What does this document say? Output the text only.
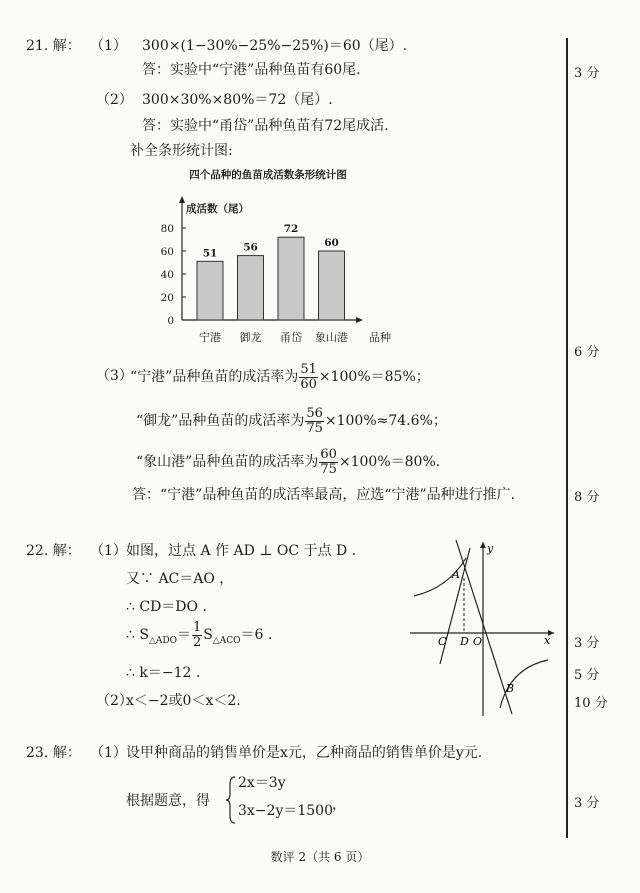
21. 解： （1） 300×(1−30%−25%−25%)＝60（尾）.
答：实验中“宁港”品种鱼苗有60尾.
（2） 300×30%×80%＝72（尾）.
答：实验中“甬岱”品种鱼苗有72尾成活.
补全条形统计图:
四个品种的鱼苗成活数条形统计图
成活数（尾）
品种
0
20
40
60
80
51
宁港
56
御龙
72
甬岱
60
象山港
（3）
“宁港”品种鱼苗的成活率为 $\frac{51}{60} \times 100\%=85\%$；
“御龙”品种鱼苗的成活率为 $\frac{56}{75} \times 100\%\approx 74.6\%$；
“象山港”品种鱼苗的成活率为 $\frac{60}{75} \times 100\%=80\%$.
答：“宁港”品种鱼苗的成活率最高，应选“宁港”品种进行推广.
22. 解： （1） 如图，过点 A 作 AD ⊥ OC 于点 D .
又∵ AC＝AO ，
∴ CD＝DO .
∴ $S_{\triangle ADO}= \frac{1}{2} S_{\triangle ACO}=6$ .
∴ k＝−12 .
（2）
x＜−2或0＜x＜2.
A
B
C D O	x
y
23. 解： （1） 设甲种商品的销售单价是x元，乙种商品的销售单价是y元.
根据题意，得
2x＝3y
3x−2y＝1500 ，
3 分
6 分
8 分
3 分
5 分
10 分
3 分
数评 2（共 6 页）
